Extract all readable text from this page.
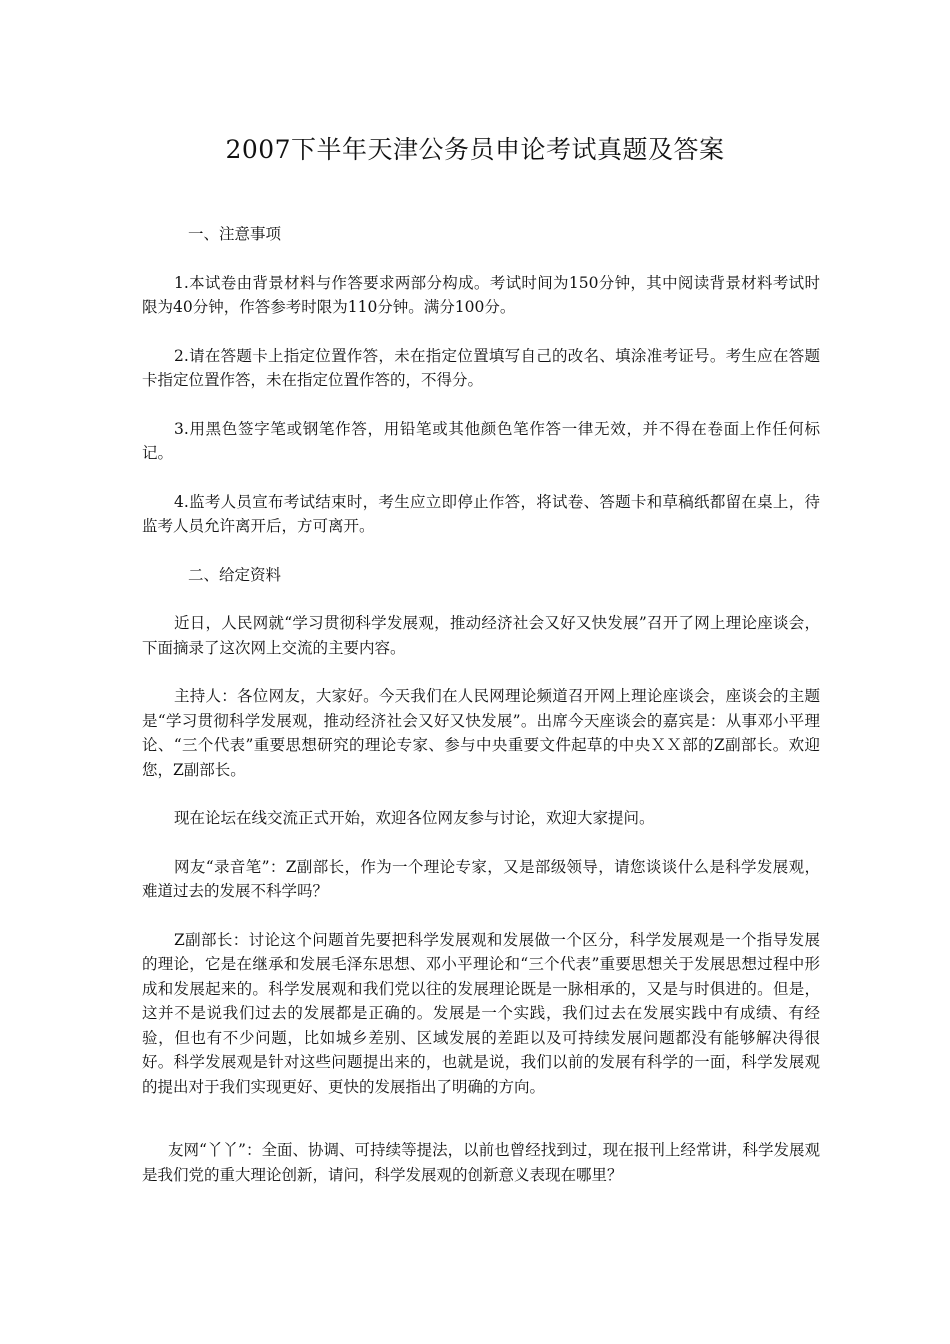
2007下半年天津公务员申论考试真题及答案

一、注意事项

1.本试卷由背景材料与作答要求两部分构成。考试时间为150分钟，其中阅读背景材料考试时限为40分钟，作答参考时限为110分钟。满分100分。

2.请在答题卡上指定位置作答，未在指定位置填写自己的改名、填涂准考证号。考生应在答题卡指定位置作答，未在指定位置作答的，不得分。

3.用黑色签字笔或钢笔作答，用铅笔或其他颜色笔作答一律无效，并不得在卷面上作任何标记。

4.监考人员宣布考试结束时，考生应立即停止作答，将试卷、答题卡和草稿纸都留在桌上，待监考人员允许离开后，方可离开。

二、给定资料

近日，人民网就“学习贯彻科学发展观，推动经济社会又好又快发展”召开了网上理论座谈会，下面摘录了这次网上交流的主要内容。

主持人：各位网友，大家好。今天我们在人民网理论频道召开网上理论座谈会，座谈会的主题是“学习贯彻科学发展观，推动经济社会又好又快发展”。出席今天座谈会的嘉宾是：从事邓小平理论、“三个代表”重要思想研究的理论专家、参与中央重要文件起草的中央ＸＸ部的Z副部长。欢迎您，Z副部长。

现在论坛在线交流正式开始，欢迎各位网友参与讨论，欢迎大家提问。

网友“录音笔”：Z副部长，作为一个理论专家，又是部级领导，请您谈谈什么是科学发展观，难道过去的发展不科学吗？

Z副部长：讨论这个问题首先要把科学发展观和发展做一个区分，科学发展观是一个指导发展的理论，它是在继承和发展毛泽东思想、邓小平理论和“三个代表”重要思想关于发展思想过程中形成和发展起来的。科学发展观和我们党以往的发展理论既是一脉相承的，又是与时俱进的。但是，这并不是说我们过去的发展都是正确的。发展是一个实践，我们过去在发展实践中有成绩、有经验，但也有不少问题，比如城乡差别、区域发展的差距以及可持续发展问题都没有能够解决得很好。科学发展观是针对这些问题提出来的，也就是说，我们以前的发展有科学的一面，科学发展观的提出对于我们实现更好、更快的发展指出了明确的方向。

友网“丫丫”：全面、协调、可持续等提法，以前也曾经找到过，现在报刊上经常讲，科学发展观是我们党的重大理论创新，请问，科学发展观的创新意义表现在哪里？
